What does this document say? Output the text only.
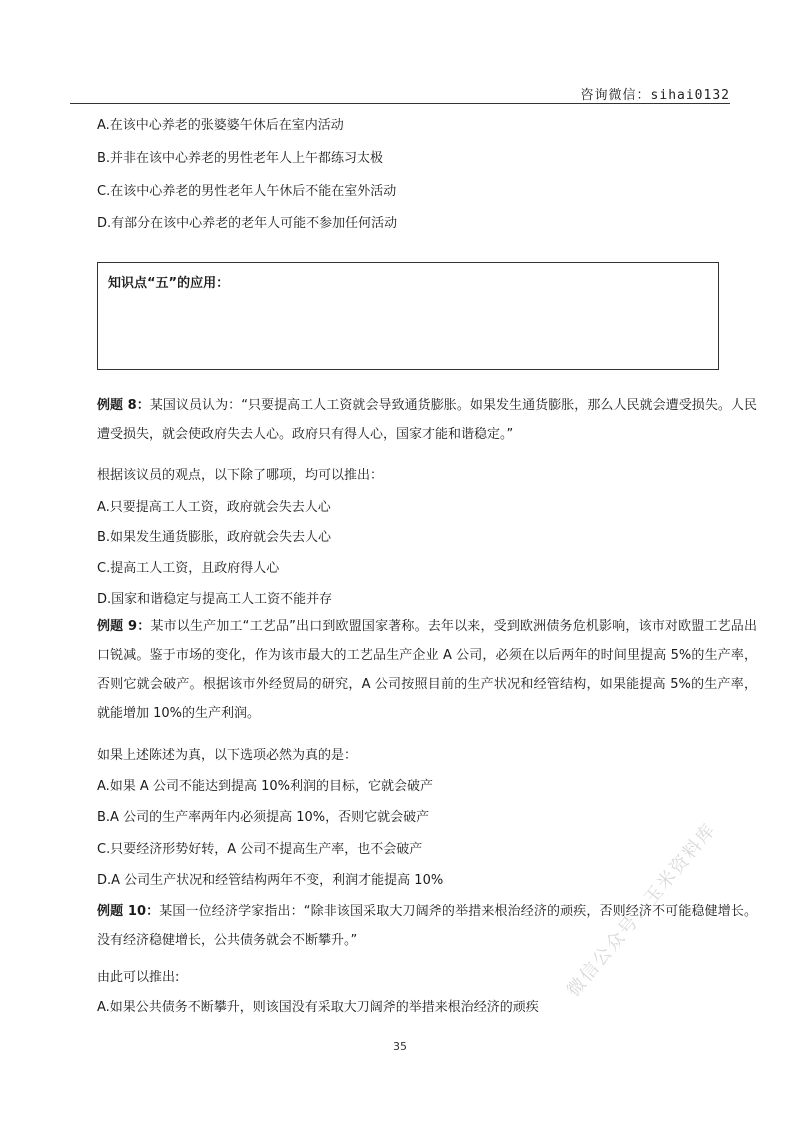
咨询微信：sihai0132
A.在该中心养老的张婆婆午休后在室内活动
B.并非在该中心养老的男性老年人上午都练习太极
C.在该中心养老的男性老年人午休后不能在室外活动
D.有部分在该中心养老的老年人可能不参加任何活动
知识点“五”的应用：
例题 8：某国议员认为：“只要提高工人工资就会导致通货膨胀。如果发生通货膨胀，那么人民就会遭受损失。人民遭受损失，就会使政府失去人心。政府只有得人心，国家才能和谐稳定。”
根据该议员的观点，以下除了哪项，均可以推出：
A.只要提高工人工资，政府就会失去人心
B.如果发生通货膨胀，政府就会失去人心
C.提高工人工资，且政府得人心
D.国家和谐稳定与提高工人工资不能并存
例题 9：某市以生产加工“工艺品”出口到欧盟国家著称。去年以来，受到欧洲债务危机影响，该市对欧盟工艺品出口锐减。鉴于市场的变化，作为该市最大的工艺品生产企业 A 公司，必须在以后两年的时间里提高 5%的生产率，否则它就会破产。根据该市外经贸局的研究，A 公司按照目前的生产状况和经管结构，如果能提高 5%的生产率，就能增加 10%的生产利润。
如果上述陈述为真，以下选项必然为真的是：
A.如果 A 公司不能达到提高 10%利润的目标，它就会破产
B.A 公司的生产率两年内必须提高 10%，否则它就会破产
C.只要经济形势好转，A 公司不提高生产率，也不会破产
D.A 公司生产状况和经管结构两年不变，利润才能提高 10%
例题 10：某国一位经济学家指出：“除非该国采取大刀阔斧的举措来根治经济的顽疾，否则经济不可能稳健增长。没有经济稳健增长，公共债务就会不断攀升。”
由此可以推出:
A.如果公共债务不断攀升，则该国没有采取大刀阔斧的举措来根治经济的顽疾
微信公众号：玉米资料库
35
